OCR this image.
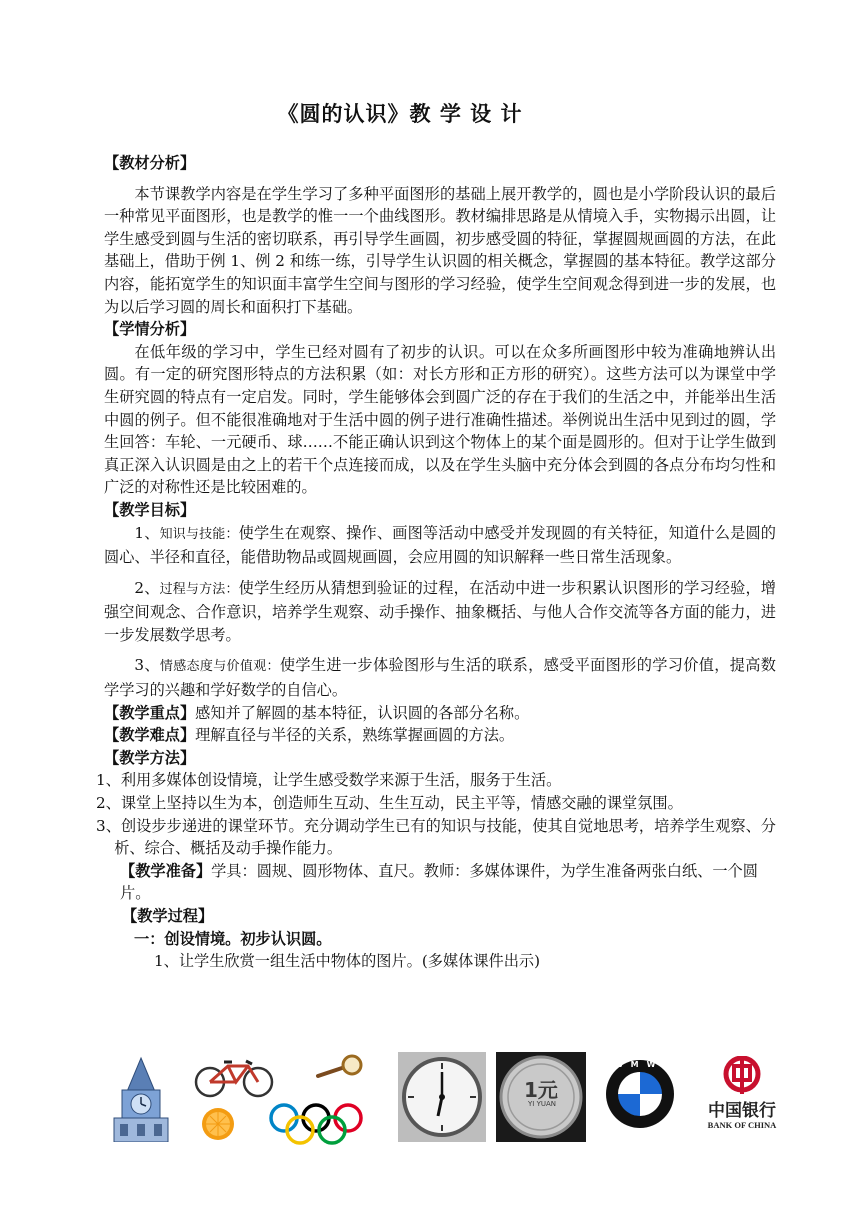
《圆的认识》教 学 设 计

【教材分析】

本节课教学内容是在学生学习了多种平面图形的基础上展开教学的，圆也是小学阶段认识的最后一种常见平面图形，也是教学的惟一一个曲线图形。教材编排思路是从情境入手，实物揭示出圆，让学生感受到圆与生活的密切联系，再引导学生画圆，初步感受圆的特征，掌握圆规画圆的方法，在此基础上，借助于例 1、例 2 和练一练，引导学生认识圆的相关概念，掌握圆的基本特征。教学这部分内容，能拓宽学生的知识面丰富学生空间与图形的学习经验，使学生空间观念得到进一步的发展，也为以后学习圆的周长和面积打下基础。

【学情分析】

在低年级的学习中，学生已经对圆有了初步的认识。可以在众多所画图形中较为准确地辨认出圆。有一定的研究图形特点的方法积累（如：对长方形和正方形的研究）。这些方法可以为课堂中学生研究圆的特点有一定启发。同时，学生能够体会到圆广泛的存在于我们的生活之中，并能举出生活中圆的例子。但不能很准确地对于生活中圆的例子进行准确性描述。举例说出生活中见到过的圆，学生回答：车轮、一元硬币、球……不能正确认识到这个物体上的某个面是圆形的。但对于让学生做到真正深入认识圆是由之上的若干个点连接而成，以及在学生头脑中充分体会到圆的各点分布均匀性和广泛的对称性还是比较困难的。

【教学目标】

1、知识与技能：使学生在观察、操作、画图等活动中感受并发现圆的有关特征，知道什么是圆的圆心、半径和直径，能借助物品或圆规画圆，会应用圆的知识解释一些日常生活现象。

2、过程与方法：使学生经历从猜想到验证的过程，在活动中进一步积累认识图形的学习经验，增强空间观念、合作意识，培养学生观察、动手操作、抽象概括、与他人合作交流等各方面的能力，进一步发展数学思考。

3、情感态度与价值观：使学生进一步体验图形与生活的联系，感受平面图形的学习价值，提高数学学习的兴趣和学好数学的自信心。

【教学重点】感知并了解圆的基本特征，认识圆的各部分名称。

【教学难点】理解直径与半径的关系，熟练掌握画圆的方法。

【教学方法】

1、利用多媒体创设情境，让学生感受数学来源于生活，服务于生活。

2、课堂上坚持以生为本，创造师生互动、生生互动，民主平等，情感交融的课堂氛围。

3、创设步步递进的课堂环节。充分调动学生已有的知识与技能，使其自觉地思考，培养学生观察、分析、综合、概括及动手操作能力。

【教学准备】学具：圆规、圆形物体、直尺。教师：多媒体课件，为学生准备两张白纸、一个圆片。

【教学过程】

一：创设情境。初步认识圆。

1、让学生欣赏一组生活中物体的图片。(多媒体课件出示)

1元
YI YUAN
BMW
中国银行
BANK OF CHINA
